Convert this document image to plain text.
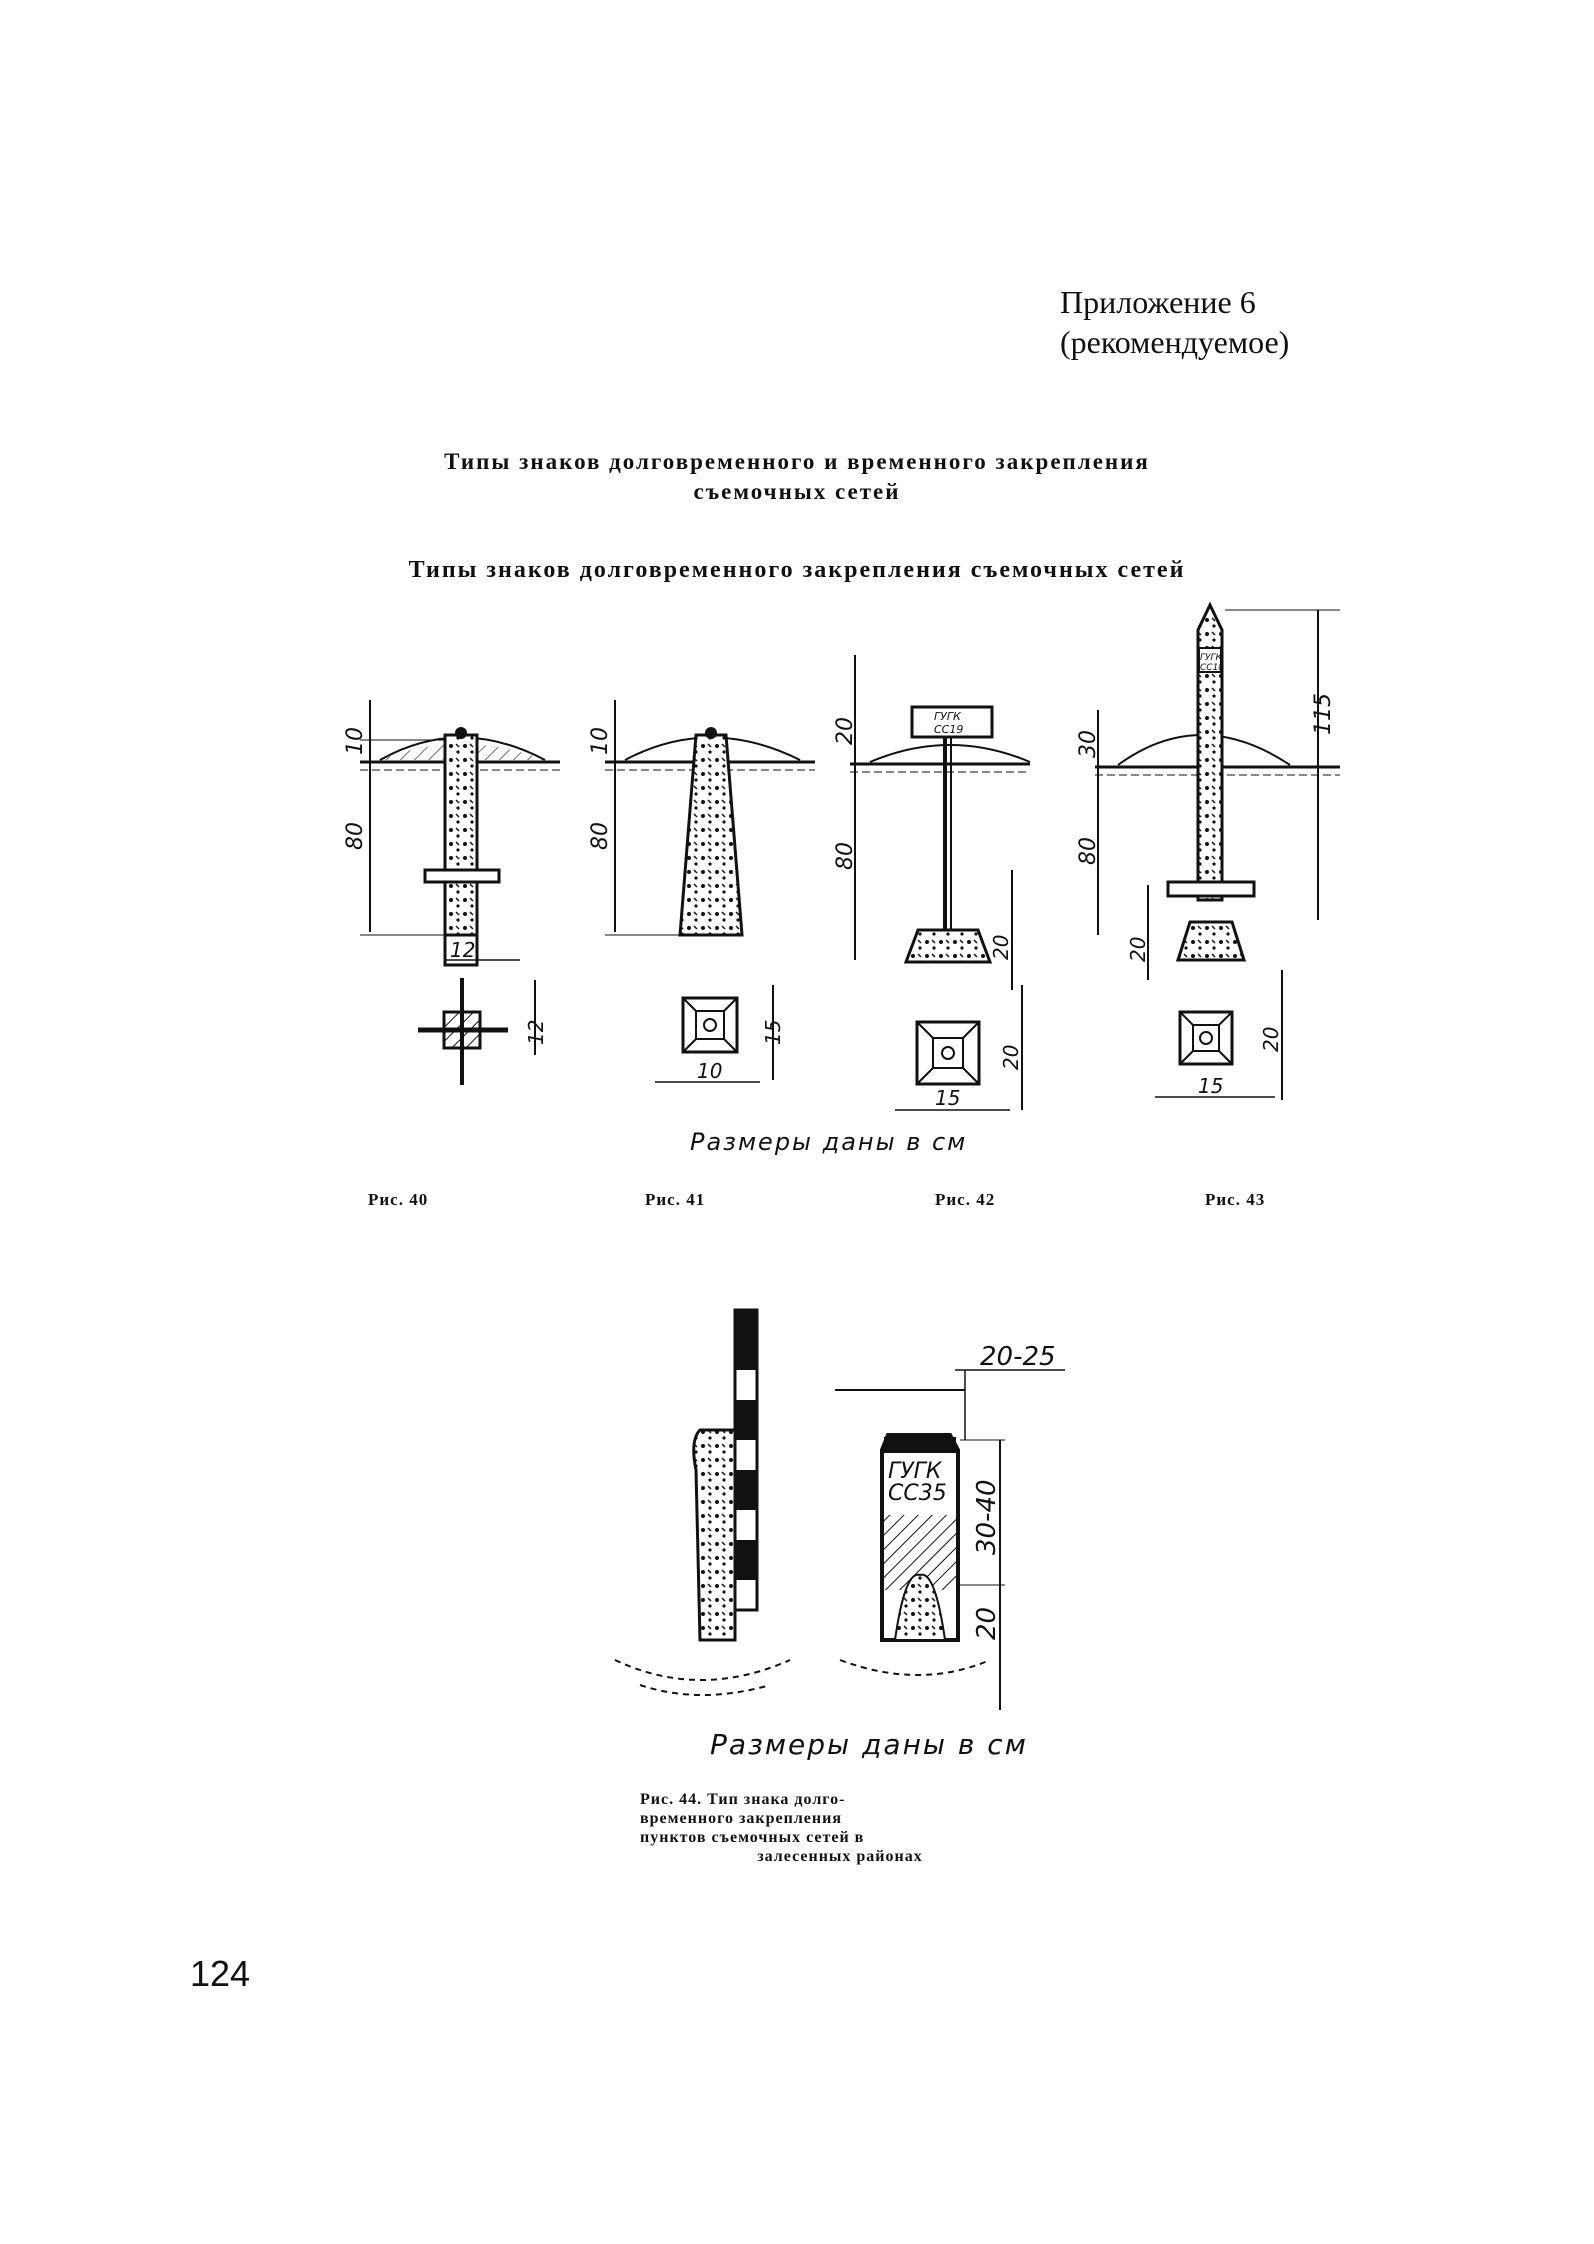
Приложение 6
(рекомендуемое)
Типы знаков долговременного и временного закрепления
съемочных сетей
Типы знаков долговременного закрепления съемочных сетей
10
80
12
12
10
80
15
10
ГУГК
СС19
20
80
20
20
15
ГУГК
СС18
30
80
115
20
20
15
ГУГК
СС35
20-25
30-40
20
Размеры даны в см
Рис. 40	Рис. 41	Рис. 42	Рис. 43
Размеры даны в см
Рис. 44. Тип знака долго-
временного закрепления
пунктов съемочных сетей в
залесенных районах
124
